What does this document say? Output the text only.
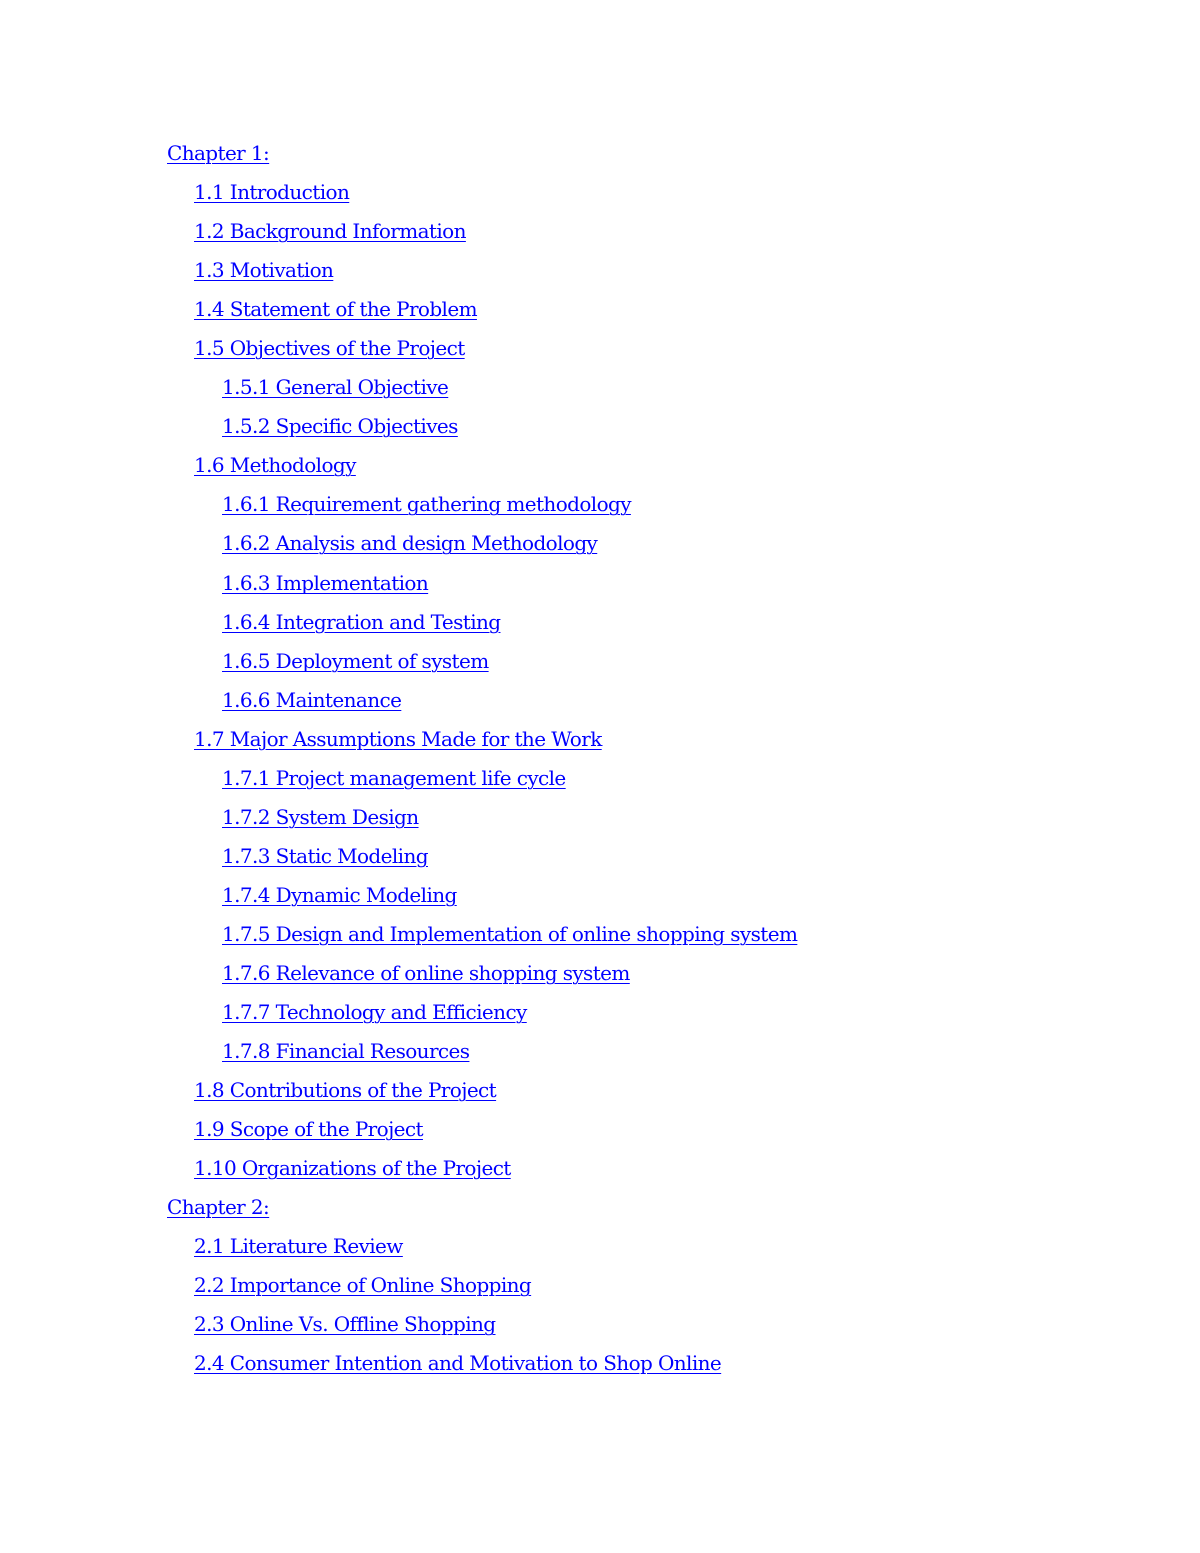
Chapter 1:
1.1 Introduction
1.2 Background Information
1.3 Motivation
1.4 Statement of the Problem
1.5 Objectives of the Project
1.5.1 General Objective
1.5.2 Specific Objectives
1.6 Methodology
1.6.1 Requirement gathering methodology
1.6.2 Analysis and design Methodology
1.6.3 Implementation
1.6.4 Integration and Testing
1.6.5 Deployment of system
1.6.6 Maintenance
1.7 Major Assumptions Made for the Work
1.7.1 Project management life cycle
1.7.2 System Design
1.7.3 Static Modeling
1.7.4 Dynamic Modeling
1.7.5 Design and Implementation of online shopping system
1.7.6 Relevance of online shopping system
1.7.7 Technology and Efficiency
1.7.8 Financial Resources
1.8 Contributions of the Project
1.9 Scope of the Project
1.10 Organizations of the Project
Chapter 2:
2.1 Literature Review
2.2 Importance of Online Shopping
2.3 Online Vs. Offline Shopping
2.4 Consumer Intention and Motivation to Shop Online
